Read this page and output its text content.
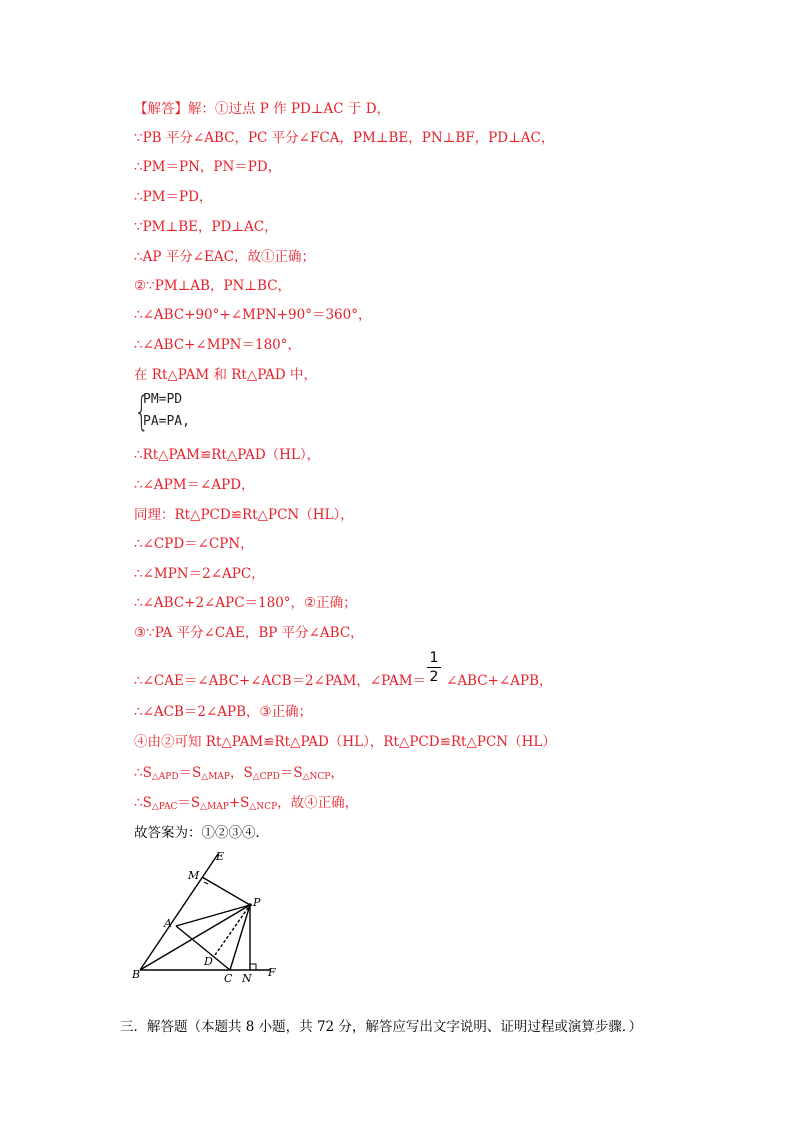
【解答】解：①过点 P 作 PD⊥AC 于 D，
∵PB 平分∠ABC，PC 平分∠FCA，PM⊥BE，PN⊥BF，PD⊥AC，
∴PM＝PN，PN＝PD，
∴PM＝PD，
∵PM⊥BE，PD⊥AC，
∴AP 平分∠EAC，故①正确；
②∵PM⊥AB，PN⊥BC，
∴∠ABC+90°+∠MPN+90°＝360°，
∴∠ABC+∠MPN＝180°，
在 Rt△PAM 和 Rt△PAD 中，
{
PM=PD
PA=PA,
∴Rt△PAM≌Rt△PAD（HL），
∴∠APM＝∠APD，
同理：Rt△PCD≌Rt△PCN（HL），
∴∠CPD＝∠CPN，
∴∠MPN＝2∠APC，
∴∠ABC+2∠APC＝180°，②正确；
③∵PA 平分∠CAE，BP 平分∠ABC，
∴∠CAE＝∠ABC+∠ACB＝2∠PAM，∠PAM＝ ∠ABC+∠APB，
1
2
∴∠ACB＝2∠APB，③正确；
④由②可知 Rt△PAM≌Rt△PAD（HL），Rt△PCD≌Rt△PCN（HL）
$\therefore S_{\triangle APD}=S_{\triangle MAP}$，$S_{\triangle CPD}=S_{\triangle NCP}$，
$\therefore S_{\triangle PAC}=S_{\triangle MAP}+S_{\triangle NCP}$，故④正确，
故答案为：①②③④．
E
M
P
A
D
B	C N F
三．解答题（本题共 8 小题，共 72 分，解答应写出文字说明、证明过程或演算步骤．）
